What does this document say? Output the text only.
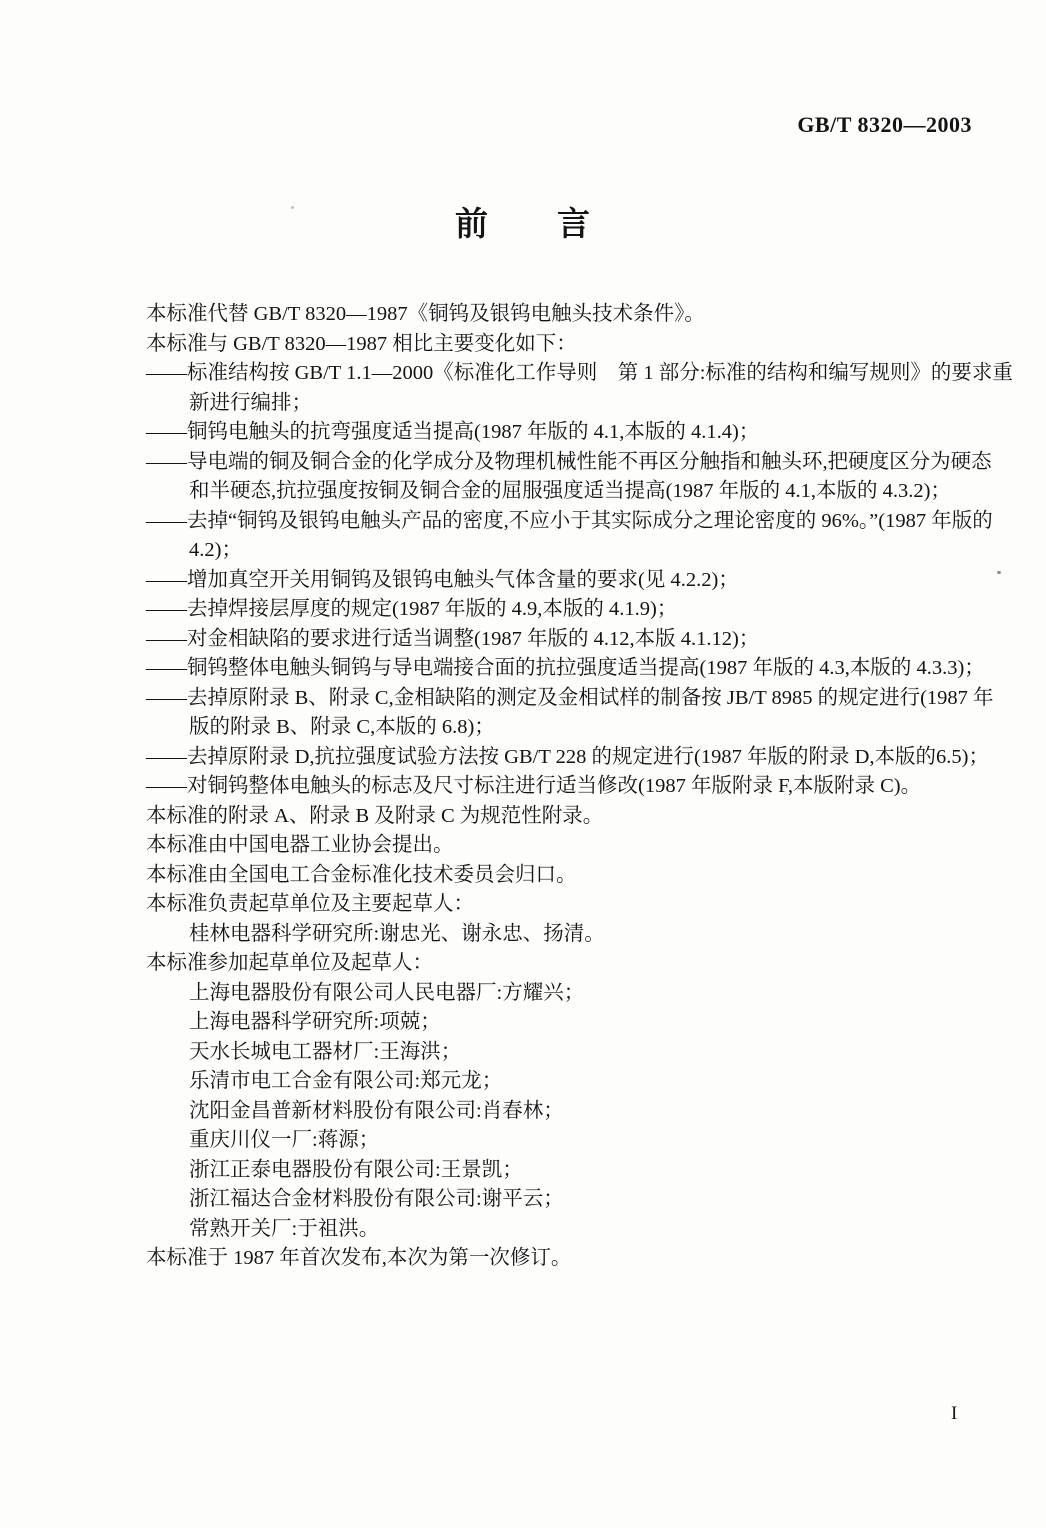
GB/T 8320—2003
前　　言
本标准代替 GB/T 8320—1987《铜钨及银钨电触头技术条件》。
本标准与 GB/T 8320—1987 相比主要变化如下：
——标准结构按 GB/T 1.1—2000《标准化工作导则　第 1 部分:标准的结构和编写规则》的要求重
新进行编排；
——铜钨电触头的抗弯强度适当提高(1987 年版的 4.1,本版的 4.1.4)；
——导电端的铜及铜合金的化学成分及物理机械性能不再区分触指和触头环,把硬度区分为硬态
和半硬态,抗拉强度按铜及铜合金的屈服强度适当提高(1987 年版的 4.1,本版的 4.3.2)；
——去掉“铜钨及银钨电触头产品的密度,不应小于其实际成分之理论密度的 96%。”(1987 年版的
4.2)；
——增加真空开关用铜钨及银钨电触头气体含量的要求(见 4.2.2)；
——去掉焊接层厚度的规定(1987 年版的 4.9,本版的 4.1.9)；
——对金相缺陷的要求进行适当调整(1987 年版的 4.12,本版 4.1.12)；
——铜钨整体电触头铜钨与导电端接合面的抗拉强度适当提高(1987 年版的 4.3,本版的 4.3.3)；
——去掉原附录 B、附录 C,金相缺陷的测定及金相试样的制备按 JB/T 8985 的规定进行(1987 年
版的附录 B、附录 C,本版的 6.8)；
——去掉原附录 D,抗拉强度试验方法按 GB/T 228 的规定进行(1987 年版的附录 D,本版的6.5)；
——对铜钨整体电触头的标志及尺寸标注进行适当修改(1987 年版附录 F,本版附录 C)。
本标准的附录 A、附录 B 及附录 C 为规范性附录。
本标准由中国电器工业协会提出。
本标准由全国电工合金标准化技术委员会归口。
本标准负责起草单位及主要起草人：
桂林电器科学研究所:谢忠光、谢永忠、扬清。
本标准参加起草单位及起草人：
上海电器股份有限公司人民电器厂:方耀兴；
上海电器科学研究所:项兢；
天水长城电工器材厂:王海洪；
乐清市电工合金有限公司:郑元龙；
沈阳金昌普新材料股份有限公司:肖春林；
重庆川仪一厂:蒋源；
浙江正泰电器股份有限公司:王景凯；
浙江福达合金材料股份有限公司:谢平云；
常熟开关厂:于祖洪。
本标准于 1987 年首次发布,本次为第一次修订。
I
